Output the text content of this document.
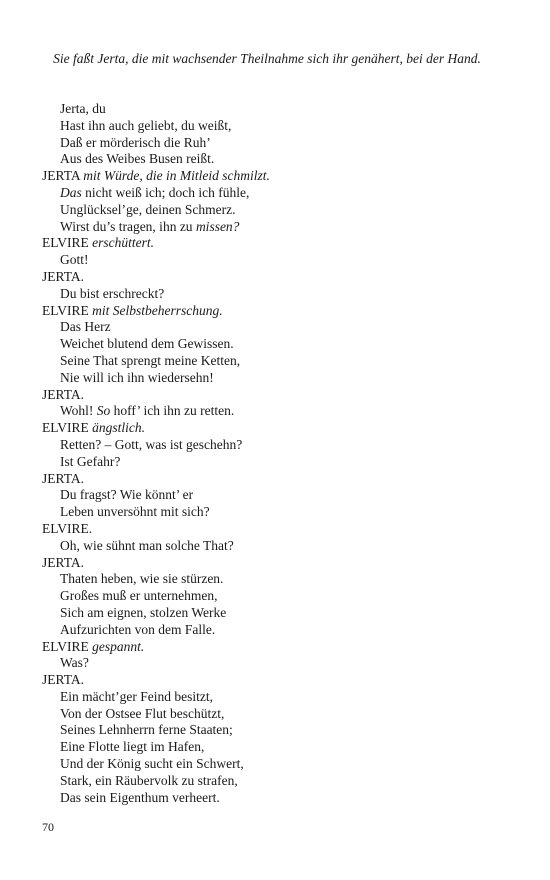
Sie faßt Jerta, die mit wachsender Theilnahme sich ihr genähert, bei der Hand.
Jerta, du
Hast ihn auch geliebt, du weißt,
Daß er mörderisch die Ruh’
Aus des Weibes Busen reißt.
JERTA mit Würde, die in Mitleid schmilzt.
Das nicht weiß ich; doch ich fühle,
Unglücksel’ge, deinen Schmerz.
Wirst du’s tragen, ihn zu missen?
ELVIRE erschüttert.
Gott!
JERTA.
Du bist erschreckt?
ELVIRE mit Selbstbeherrschung.
Das Herz
Weichet blutend dem Gewissen.
Seine That sprengt meine Ketten,
Nie will ich ihn wiedersehn!
JERTA.
Wohl! So hoff’ ich ihn zu retten.
ELVIRE ängstlich.
Retten? – Gott, was ist geschehn?
Ist Gefahr?
JERTA.
Du fragst? Wie könnt’ er
Leben unversöhnt mit sich?
ELVIRE.
Oh, wie sühnt man solche That?
JERTA.
Thaten heben, wie sie stürzen.
Großes muß er unternehmen,
Sich am eignen, stolzen Werke
Aufzurichten von dem Falle.
ELVIRE gespannt.
Was?
JERTA.
Ein mächt’ger Feind besitzt,
Von der Ostsee Flut beschützt,
Seines Lehnherrn ferne Staaten;
Eine Flotte liegt im Hafen,
Und der König sucht ein Schwert,
Stark, ein Räubervolk zu strafen,
Das sein Eigenthum verheert.
70
